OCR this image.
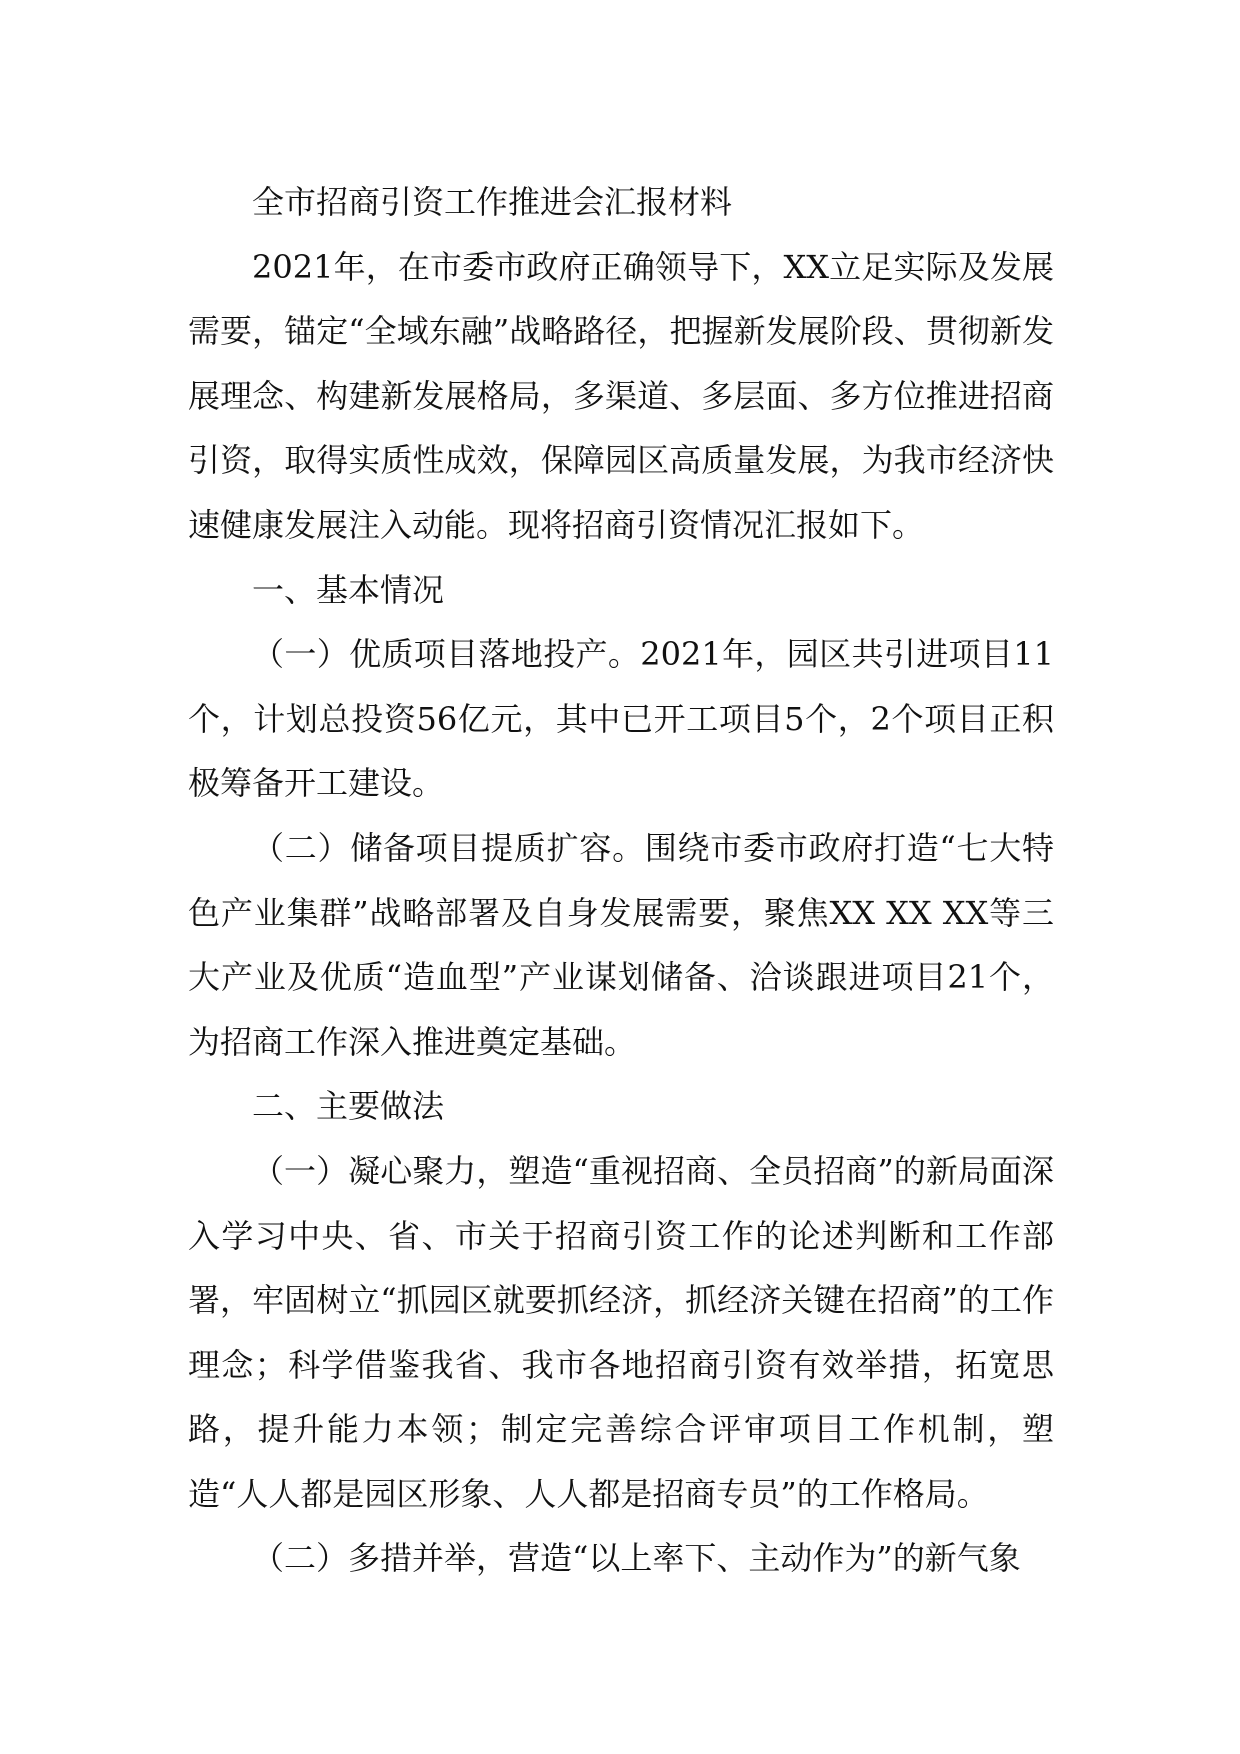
全市招商引资工作推进会汇报材料

2021年，在市委市政府正确领导下，XX立足实际及发展需要，锚定“全域东融”战略路径，把握新发展阶段、贯彻新发展理念、构建新发展格局，多渠道、多层面、多方位推进招商引资，取得实质性成效，保障园区高质量发展，为我市经济快速健康发展注入动能。现将招商引资情况汇报如下。

一、基本情况

（一）优质项目落地投产。2021年，园区共引进项目11个，计划总投资56亿元，其中已开工项目5个，2个项目正积极筹备开工建设。

（二）储备项目提质扩容。围绕市委市政府打造“七大特色产业集群”战略部署及自身发展需要，聚焦XX XX XX等三大产业及优质“造血型”产业谋划储备、洽谈跟进项目21个，为招商工作深入推进奠定基础。

二、主要做法

（一）凝心聚力，塑造“重视招商、全员招商”的新局面深入学习中央、省、市关于招商引资工作的论述判断和工作部署，牢固树立“抓园区就要抓经济，抓经济关键在招商”的工作理念；科学借鉴我省、我市各地招商引资有效举措，拓宽思路，提升能力本领；制定完善综合评审项目工作机制，塑造“人人都是园区形象、人人都是招商专员”的工作格局。

（二）多措并举，营造“以上率下、主动作为”的新气象
